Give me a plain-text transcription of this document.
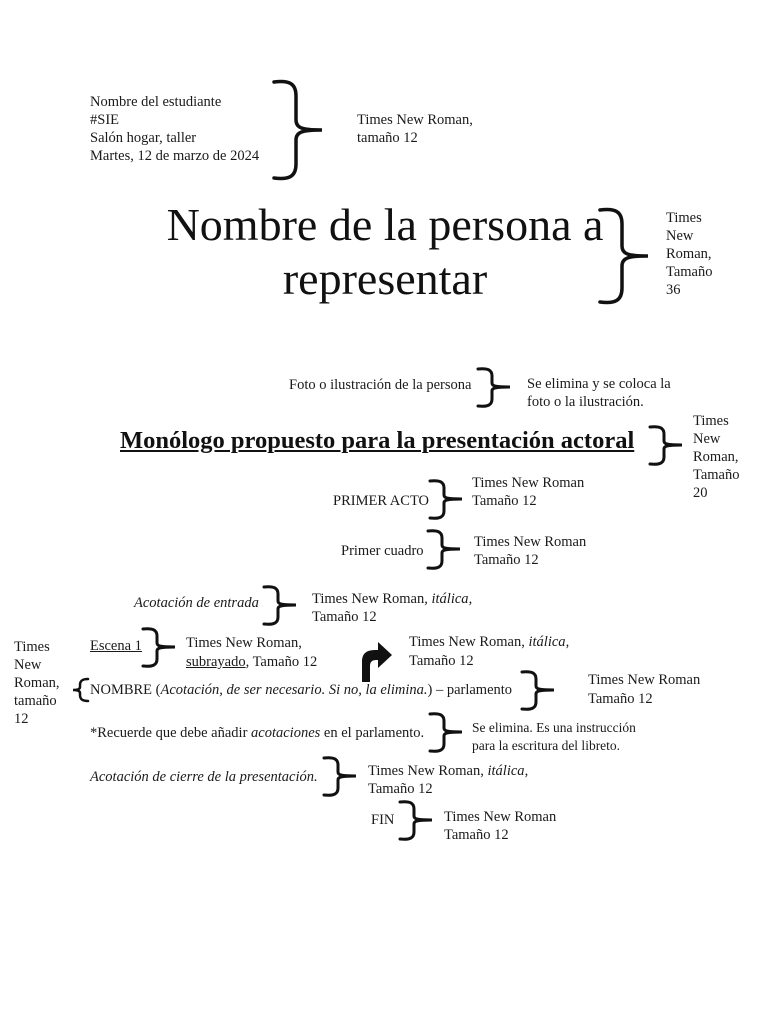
Nombre del estudiante
#SIE
Salón hogar, taller
Martes, 12 de marzo de 2024
Times New Roman,
tamaño 12
Nombre de la persona a representar
Times New Roman, Tamaño 36
Foto o ilustración de la persona	Se elimina y se coloca la
foto o la ilustración.
Monólogo propuesto para la presentación actoral
Times New Roman, Tamaño 20
PRIMER ACTO
Times New Roman
Tamaño 12
Primer cuadro
Times New Roman
Tamaño 12
Acotación de entrada	Times New Roman, itálica,
Tamaño 12
Escena 1	Times New Roman,
subrayado, Tamaño 12
Times New Roman, itálica,
Tamaño 12
Times New Roman, tamaño 12
NOMBRE (Acotación, de ser necesario. Si no, la elimina.) – parlamento
Times New Roman
Tamaño 12
*Recuerde que debe añadir acotaciones en el parlamento.	Se elimina. Es una instrucción
para la escritura del libreto.
Acotación de cierre de la presentación.	Times New Roman, itálica,
Tamaño 12
FIN	Times New Roman
Tamaño 12
